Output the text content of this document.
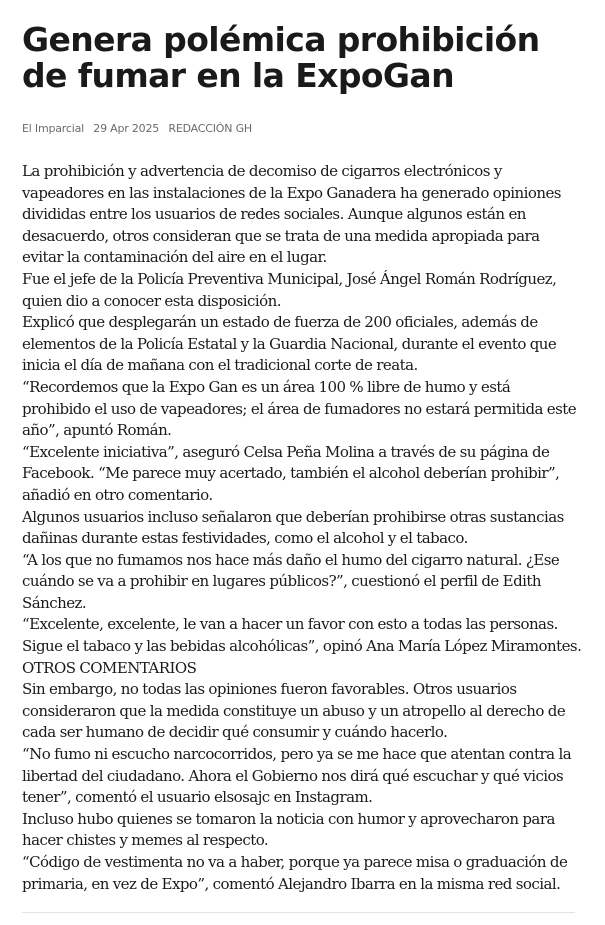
Genera polémica prohibición de fumar en la ExpoGan
El Imparcial 29 Apr 2025 REDACCIÓN GH

La prohibición y advertencia de decomiso de cigarros electrónicos y vapeadores en las instalaciones de la Expo Ganadera ha generado opiniones divididas entre los usuarios de redes sociales. Aunque algunos están en desacuerdo, otros consideran que se trata de una medida apropiada para evitar la contaminación del aire en el lugar.

Fue el jefe de la Policía Preventiva Municipal, José Ángel Román Rodríguez, quien dio a conocer esta disposición.

Explicó que desplegarán un estado de fuerza de 200 oficiales, además de elementos de la Policía Estatal y la Guardia Nacional, durante el evento que inicia el día de mañana con el tradicional corte de reata.

“Recordemos que la Expo Gan es un área 100 % libre de humo y está prohibido el uso de vapeadores; el área de fumadores no estará permitida este año”, apuntó Román.

“Excelente iniciativa”, aseguró Celsa Peña Molina a través de su página de Facebook. “Me parece muy acertado, también el alcohol deberían prohibir”, añadió en otro comentario.

Algunos usuarios incluso señalaron que deberían prohibirse otras sustancias dañinas durante estas festividades, como el alcohol y el tabaco.

“A los que no fumamos nos hace más daño el humo del cigarro natural. ¿Ese cuándo se va a prohibir en lugares públicos?”, cuestionó el perfil de Edith Sánchez.

“Excelente, excelente, le van a hacer un favor con esto a todas las personas. Sigue el tabaco y las bebidas alcohólicas”, opinó Ana María López Miramontes.

OTROS COMENTARIOS

Sin embargo, no todas las opiniones fueron favorables. Otros usuarios consideraron que la medida constituye un abuso y un atropello al derecho de cada ser humano de decidir qué consumir y cuándo hacerlo.

“No fumo ni escucho narcocorridos, pero ya se me hace que atentan contra la libertad del ciudadano. Ahora el Gobierno nos dirá qué escuchar y qué vicios tener”, comentó el usuario elsosajc en Instagram.

Incluso hubo quienes se tomaron la noticia con humor y aprovecharon para hacer chistes y memes al respecto.

“Código de vestimenta no va a haber, porque ya parece misa o graduación de primaria, en vez de Expo”, comentó Alejandro Ibarra en la misma red social.
